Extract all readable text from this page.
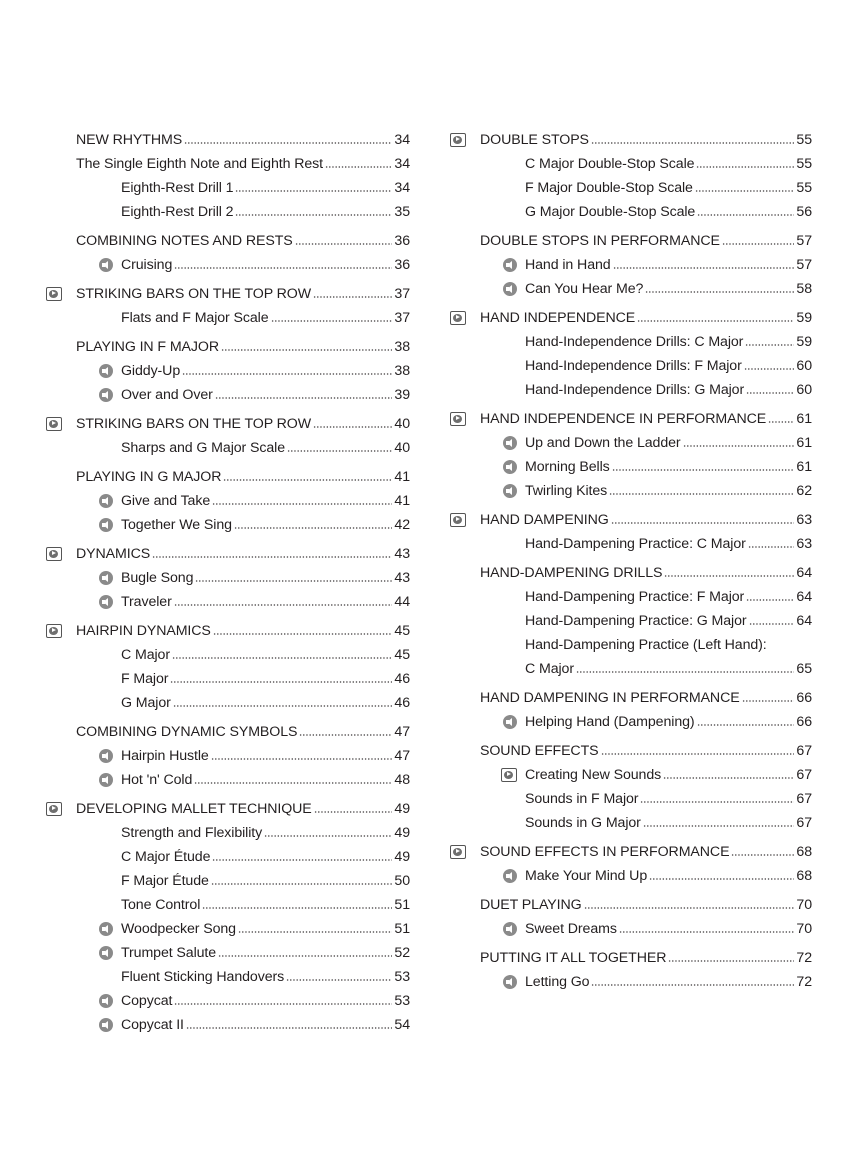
NEW RHYTHMS	34
The Single Eighth Note and Eighth Rest	34
Eighth-Rest Drill 1	34
Eighth-Rest Drill 2	35
COMBINING NOTES AND RESTS	36
Cruising	36
STRIKING BARS ON THE TOP ROW	37
Flats and F Major Scale	37
PLAYING IN F MAJOR	38
Giddy-Up	38
Over and Over	39
STRIKING BARS ON THE TOP ROW	40
Sharps and G Major Scale	40
PLAYING IN G MAJOR	41
Give and Take	41
Together We Sing	42
DYNAMICS	43
Bugle Song	43
Traveler	44
HAIRPIN DYNAMICS	45
C Major	45
F Major	46
G Major	46
COMBINING DYNAMIC SYMBOLS	47
Hairpin Hustle	47
Hot 'n' Cold	48
DEVELOPING MALLET TECHNIQUE	49
Strength and Flexibility	49
C Major Étude	49
F Major Étude	50
Tone Control	51
Woodpecker Song	51
Trumpet Salute	52
Fluent Sticking Handovers	53
Copycat	53
Copycat II	54
DOUBLE STOPS	55
C Major Double-Stop Scale	55
F Major Double-Stop Scale	55
G Major Double-Stop Scale	56
DOUBLE STOPS IN PERFORMANCE	57
Hand in Hand	57
Can You Hear Me?	58
HAND INDEPENDENCE	59
Hand-Independence Drills: C Major	59
Hand-Independence Drills: F Major	60
Hand-Independence Drills: G Major	60
HAND INDEPENDENCE IN PERFORMANCE 61
Up and Down the Ladder	61
Morning Bells	61
Twirling Kites	62
HAND DAMPENING	63
Hand-Dampening Practice: C Major	63
HAND-DAMPENING DRILLS	64
Hand-Dampening Practice: F Major	64
Hand-Dampening Practice: G Major	64
Hand-Dampening Practice (Left Hand):
C Major	65
HAND DAMPENING IN PERFORMANCE	66
Helping Hand (Dampening)	66
SOUND EFFECTS	67
Creating New Sounds	67
Sounds in F Major	67
Sounds in G Major	67
SOUND EFFECTS IN PERFORMANCE	68
Make Your Mind Up	68
DUET PLAYING	70
Sweet Dreams	70
PUTTING IT ALL TOGETHER	72
Letting Go	72
